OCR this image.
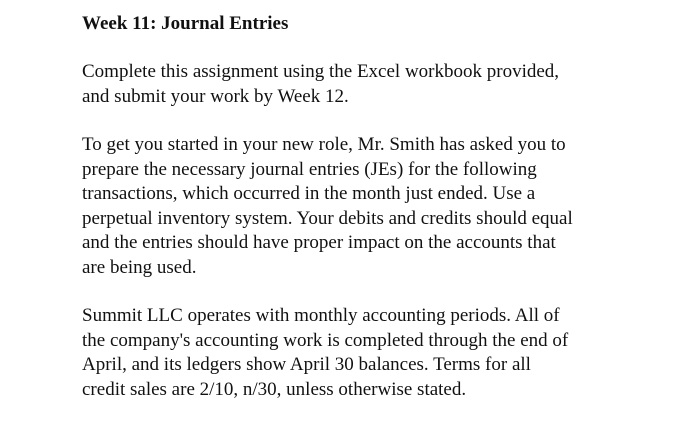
Week 11: Journal Entries
Complete this assignment using the Excel workbook provided,
and submit your work by Week 12.
To get you started in your new role, Mr. Smith has asked you to
prepare the necessary journal entries (JEs) for the following
transactions, which occurred in the month just ended. Use a
perpetual inventory system. Your debits and credits should equal
and the entries should have proper impact on the accounts that
are being used.
Summit LLC operates with monthly accounting periods. All of
the company's accounting work is completed through the end of
April, and its ledgers show April 30 balances. Terms for all
credit sales are 2/10, n/30, unless otherwise stated.
